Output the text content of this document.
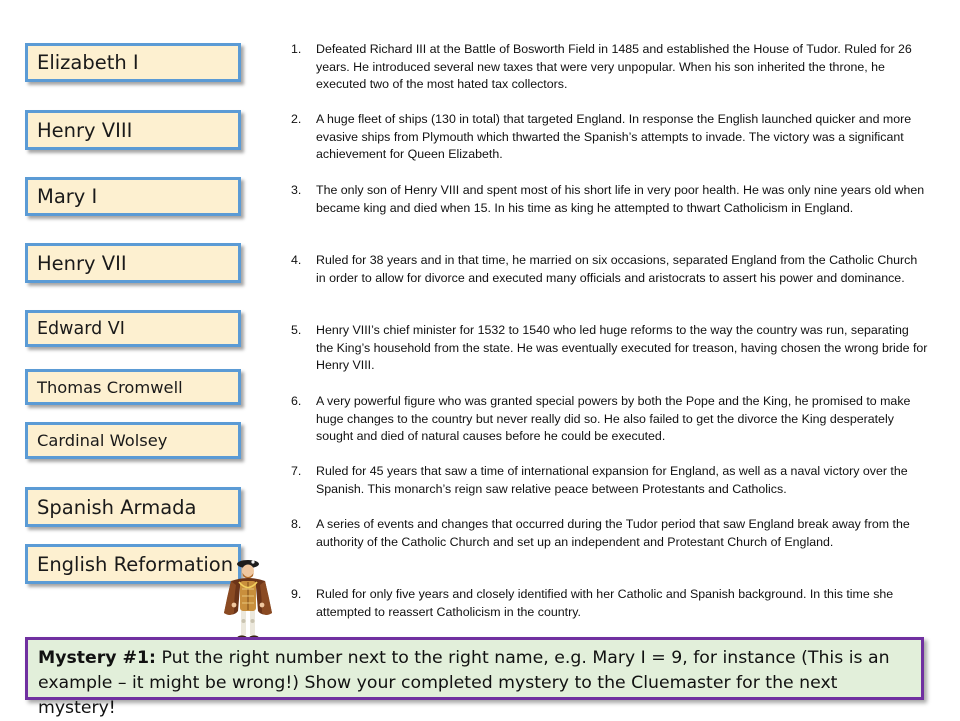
Elizabeth I
Henry VIII
Mary I
Henry VII
Edward VI
Thomas Cromwell
Cardinal Wolsey
Spanish Armada
English Reformation
1.	Defeated Richard III at the Battle of Bosworth Field in 1485 and established the House of Tudor. Ruled for 26 years. He introduced several new taxes that were very unpopular. When his son inherited the throne, he executed two of the most hated tax collectors.
2.	A huge fleet of ships (130 in total) that targeted England. In response the English launched quicker and more evasive ships from Plymouth which thwarted the Spanish’s attempts to invade. The victory was a significant achievement for Queen Elizabeth.
3.	The only son of Henry VIII and spent most of his short life in very poor health. He was only nine years old when became king and died when 15. In his time as king he attempted to thwart Catholicism in England.
4.	Ruled for 38 years and in that time, he married on six occasions, separated England from the Catholic Church in order to allow for divorce and executed many officials and aristocrats to assert his power and dominance.
5.	Henry VIII’s chief minister for 1532 to 1540 who led huge reforms to the way the country was run, separating the King’s household from the state. He was eventually executed for treason, having chosen the wrong bride for Henry VIII.
6.	A very powerful figure who was granted special powers by both the Pope and the King, he promised to make huge changes to the country but never really did so. He also failed to get the divorce the King desperately sought and died of natural causes before he could be executed.
7.	Ruled for 45 years that saw a time of international expansion for England, as well as a naval victory over the Spanish. This monarch’s reign saw relative peace between Protestants and Catholics.
8.	A series of events and changes that occurred during the Tudor period that saw England break away from the authority of the Catholic Church and set up an independent and Protestant Church of England.
9.	Ruled for only five years and closely identified with her Catholic and Spanish background. In this time she attempted to reassert Catholicism in the country.
Mystery #1: Put the right number next to the right name, e.g. Mary I = 9, for instance (This is an example – it might be wrong!) Show your completed mystery to the Cluemaster for the next mystery!
